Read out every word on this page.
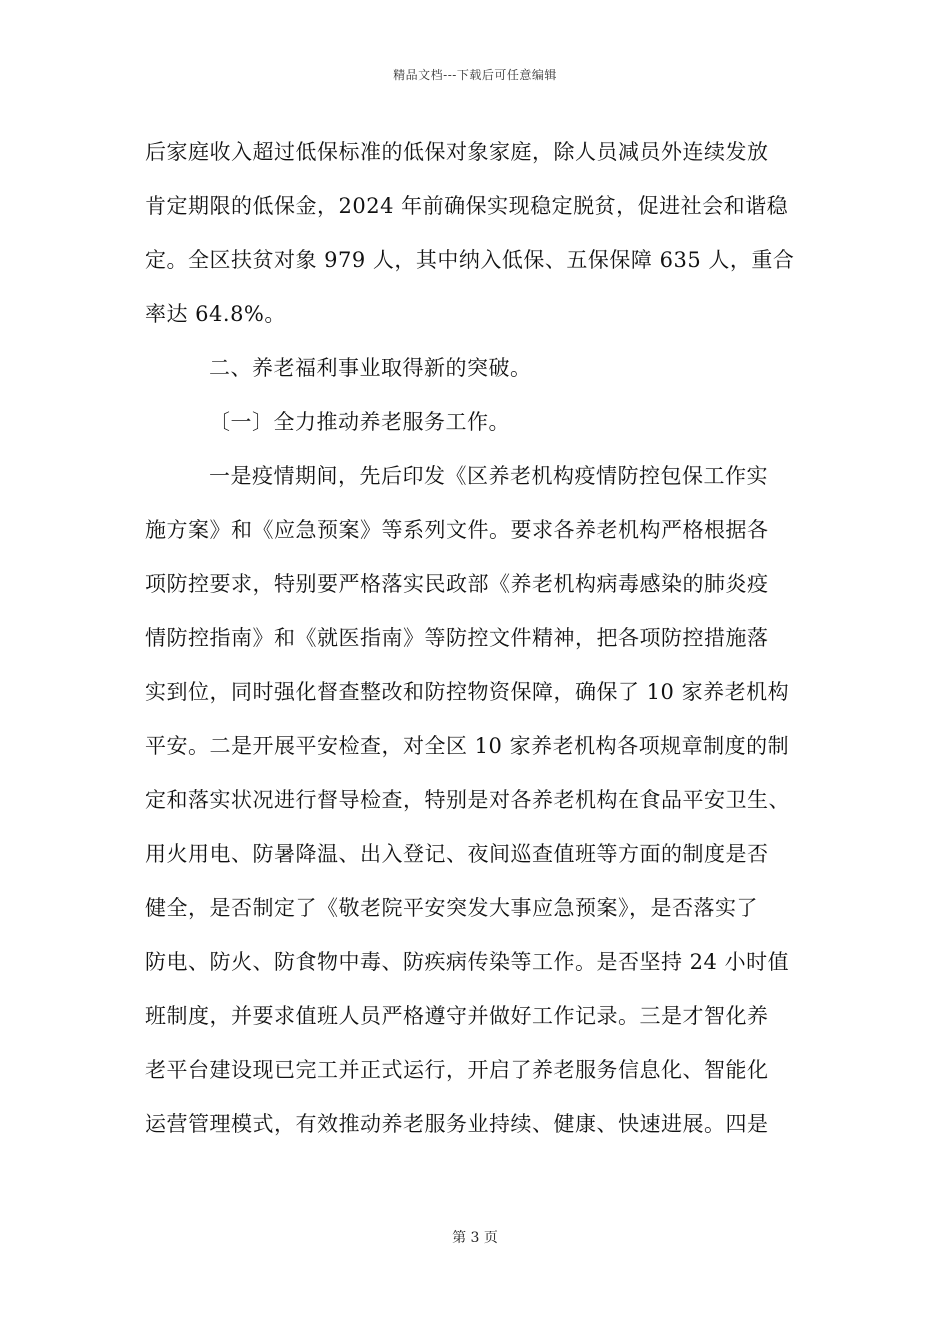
精品文档---下载后可任意编辑
后家庭收入超过低保标准的低保对象家庭，除人员减员外连续发放
肯定期限的低保金，2024 年前确保实现稳定脱贫，促进社会和谐稳
定。全区扶贫对象 979 人，其中纳入低保、五保保障 635 人，重合
率达 64.8%。
二、养老福利事业取得新的突破。
〔一〕全力推动养老服务工作。
一是疫情期间，先后印发《区养老机构疫情防控包保工作实
施方案》和《应急预案》等系列文件。要求各养老机构严格根据各
项防控要求，特别要严格落实民政部《养老机构病毒感染的肺炎疫
情防控指南》和《就医指南》等防控文件精神，把各项防控措施落
实到位，同时强化督查整改和防控物资保障，确保了 10 家养老机构
平安。二是开展平安检查，对全区 10 家养老机构各项规章制度的制
定和落实状况进行督导检查，特别是对各养老机构在食品平安卫生、
用火用电、防暑降温、出入登记、夜间巡查值班等方面的制度是否
健全，是否制定了《敬老院平安突发大事应急预案》，是否落实了
防电、防火、防食物中毒、防疾病传染等工作。是否坚持 24 小时值
班制度，并要求值班人员严格遵守并做好工作记录。三是才智化养
老平台建设现已完工并正式运行，开启了养老服务信息化、智能化
运营管理模式，有效推动养老服务业持续、健康、快速进展。四是
第 3 页
